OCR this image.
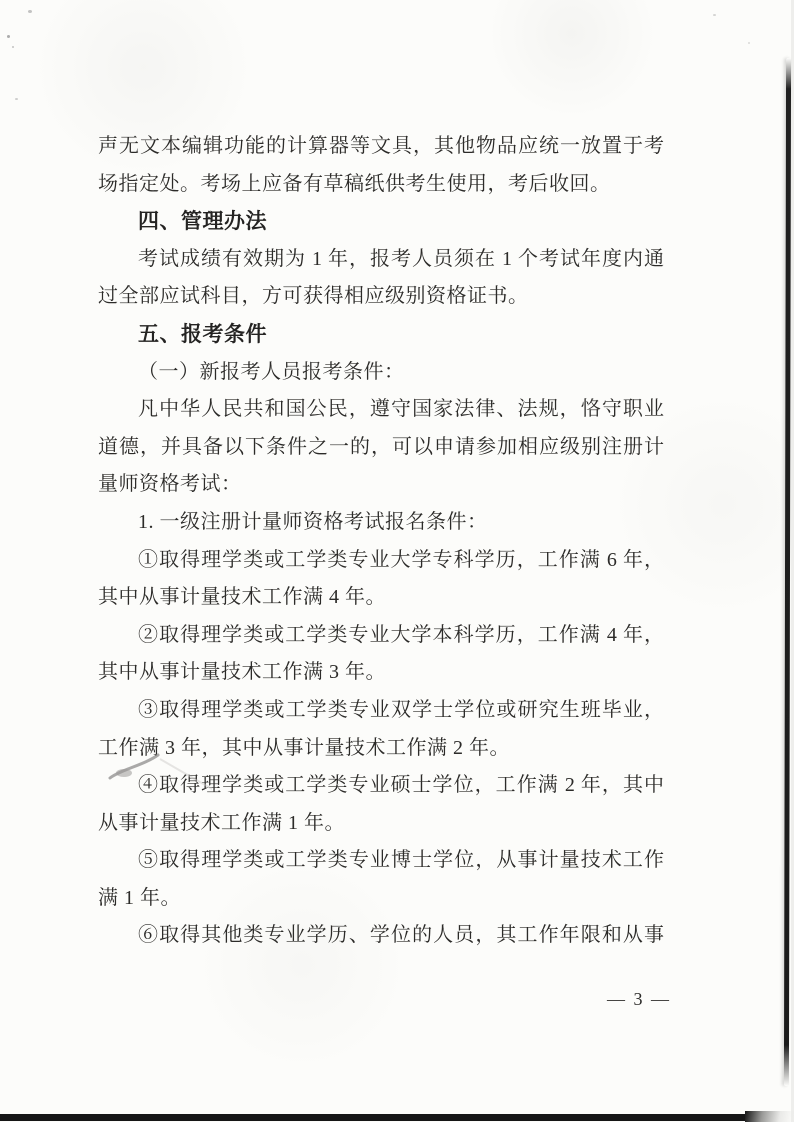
声无文本编辑功能的计算器等文具，其他物品应统一放置于考
场指定处。考场上应备有草稿纸供考生使用，考后收回。
四、管理办法
考试成绩有效期为 1 年，报考人员须在 1 个考试年度内通
过全部应试科目，方可获得相应级别资格证书。
五、报考条件
（一）新报考人员报考条件：
凡中华人民共和国公民，遵守国家法律、法规，恪守职业
道德，并具备以下条件之一的，可以申请参加相应级别注册计
量师资格考试：
1. 一级注册计量师资格考试报名条件：
①取得理学类或工学类专业大学专科学历，工作满 6 年，
其中从事计量技术工作满 4 年。
②取得理学类或工学类专业大学本科学历，工作满 4 年，
其中从事计量技术工作满 3 年。
③取得理学类或工学类专业双学士学位或研究生班毕业，
工作满 3 年，其中从事计量技术工作满 2 年。
④取得理学类或工学类专业硕士学位，工作满 2 年，其中
从事计量技术工作满 1 年。
⑤取得理学类或工学类专业博士学位，从事计量技术工作
满 1 年。
⑥取得其他类专业学历、学位的人员，其工作年限和从事
— 3 —
